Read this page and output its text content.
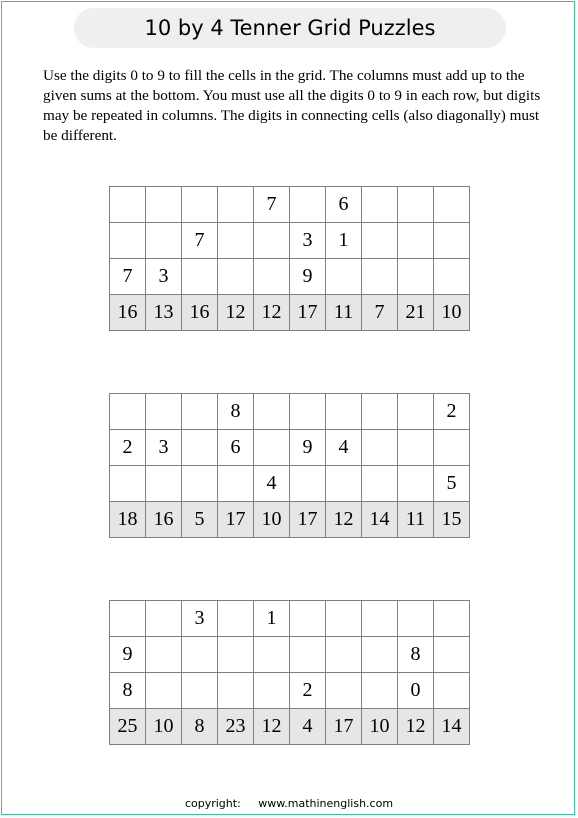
10 by 4 Tenner Grid Puzzles
Use the digits 0 to 9 to fill the cells in the grid. The columns must add up to the given sums at the bottom. You must use all the digits 0 to 9 in each row, but digits may be repeated in columns. The digits in connecting cells (also diagonally) must be different.
				7		6			
		7			3	1			
7	3				9				
16	13	16	12	12	17	11	7	21	10
			8						2
2	3		6		9	4			
				4					5
18	16	5	17	10	17	12	14	11	15
		3		1					
9								8	
8					2			0	
25	10	8	23	12	4	17	10	12	14
copyright: www.mathinenglish.com
